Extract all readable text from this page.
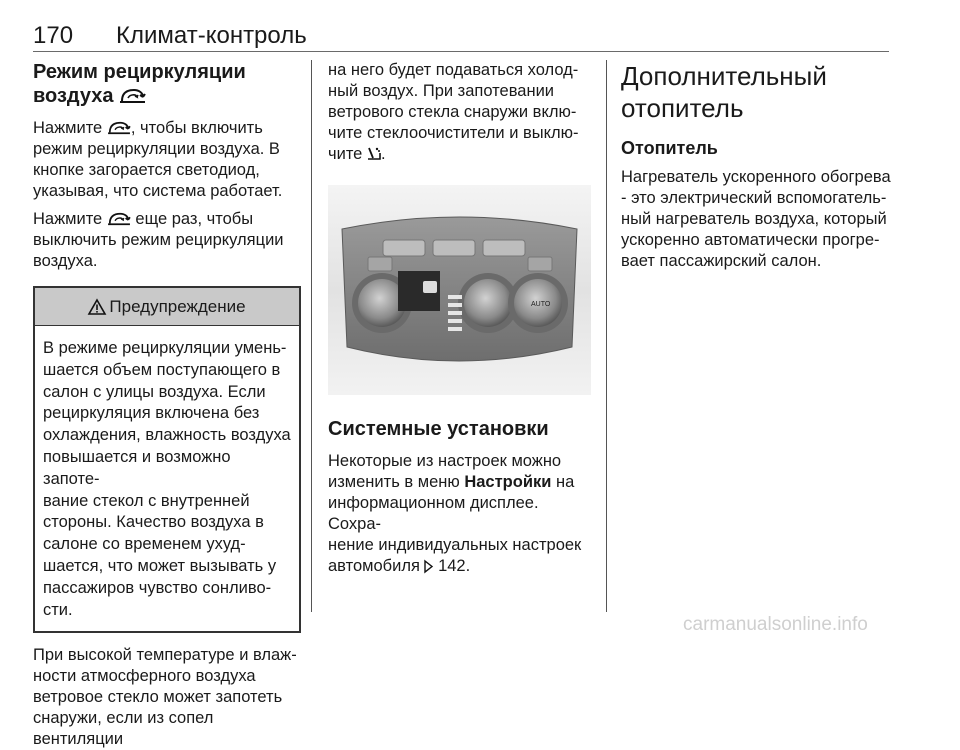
170 Климат-контроль
Режим рециркуляции
воздуха

Нажмите , чтобы включить
режим рециркуляции воздуха. В
кнопке загорается светодиод,
указывая, что система работает.

Нажмите  еще раз, чтобы
выключить режим рециркуляции
воздуха.

Предупреждение

В режиме рециркуляции умень-
шается объем поступающего в
салон с улицы воздуха. Если
рециркуляция включена без
охлаждения, влажность воздуха
повышается и возможно запоте-
вание стекол с внутренней
стороны. Качество воздуха в
салоне со временем ухуд-
шается, что может вызывать у
пассажиров чувство сонливо-
сти.

При высокой температуре и влаж-
ности атмосферного воздуха
ветровое стекло может запотеть
снаружи, если из сопел вентиляции

на него будет подаваться холод-
ный воздух. При запотевании
ветрового стекла снаружи вклю-
чите стеклоочистители и выклю-
чите .

AUTO
Системные установки

Некоторые из настроек можно
изменить в меню Настройки на
информационном дисплее. Сохра-
нение индивидуальных настроек
автомобиля  142.

Дополнительный
отопитель
Отопитель

Нагреватель ускоренного обогрева
- это электрический вспомогатель-
ный нагреватель воздуха, который
ускоренно автоматически прогре-
вает пассажирский салон.

carmanualsonline.info
